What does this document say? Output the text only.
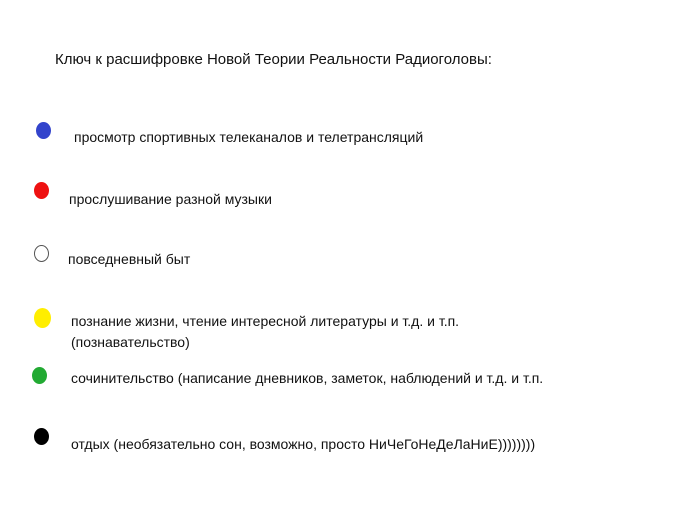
Ключ к расшифровке Новой Теории Реальности Радиоголовы:
просмотр спортивных телеканалов и телетрансляций
прослушивание разной музыки
повседневный быт
познание жизни, чтение интересной литературы и т.д. и т.п.
(познавательство)
сочинительство (написание дневников, заметок, наблюдений и т.д. и т.п.
отдых (необязательно сон, возможно, просто НиЧеГоНеДеЛаНиЕ))))))))
